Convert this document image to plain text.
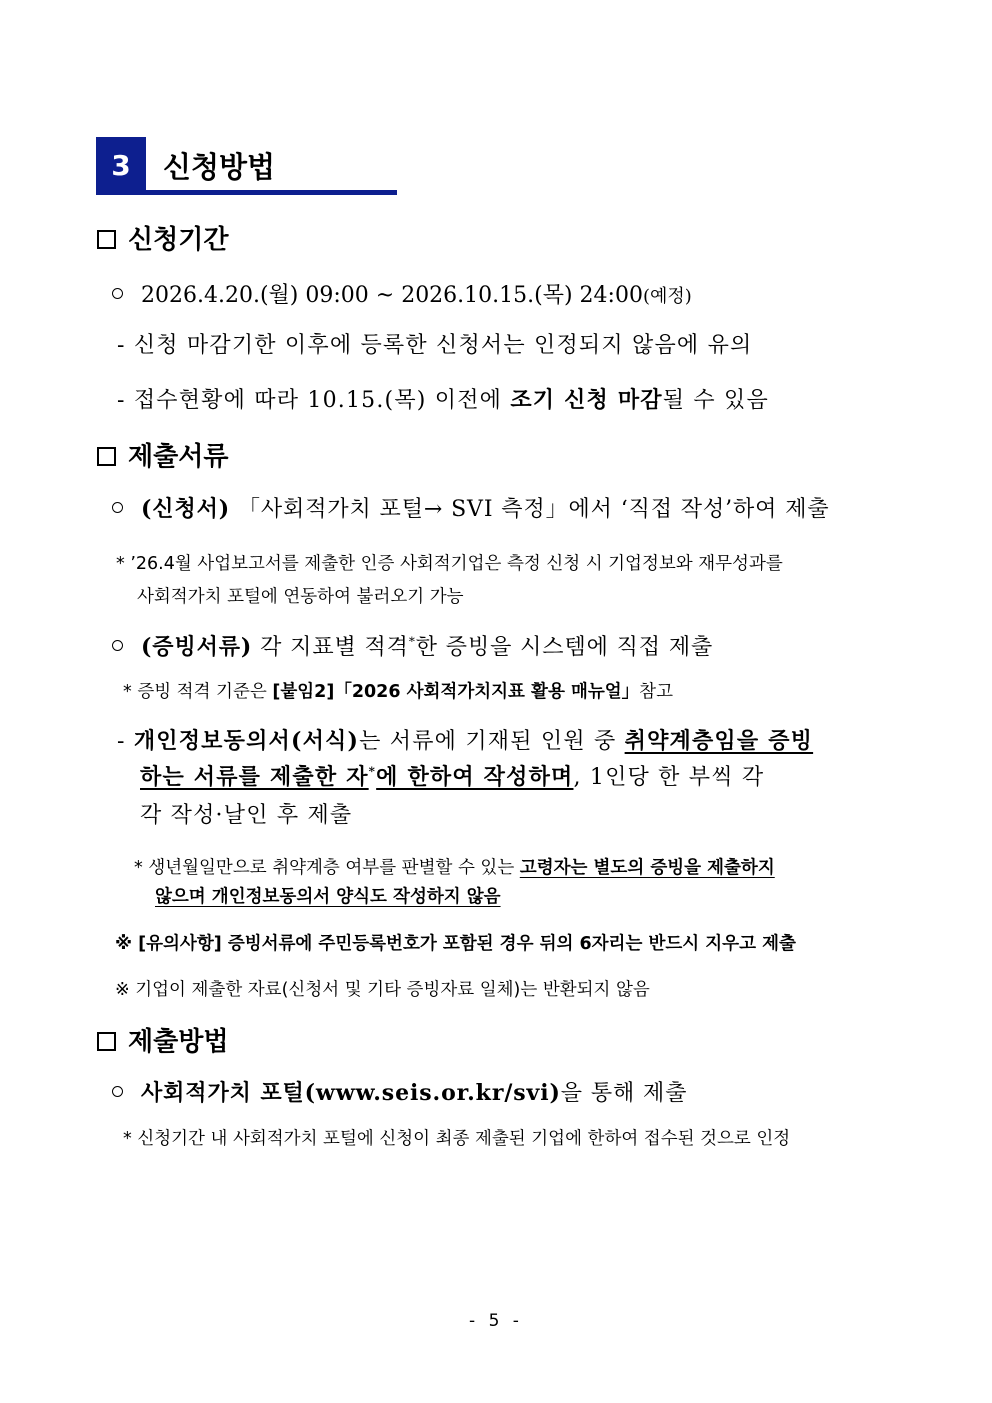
3	신청방법
신청기간
2026.4.20.(월) 09:00 ~ 2026.10.15.(목) 24:00(예정)
- 신청 마감기한 이후에 등록한 신청서는 인정되지 않음에 유의
- 접수현황에 따라 10.15.(목) 이전에 조기 신청 마감될 수 있음
제출서류
(신청서) 「사회적가치 포털→ SVI 측정」에서 ‘직접 작성’하여 제출
* ’26.4월 사업보고서를 제출한 인증 사회적기업은 측정 신청 시 기업정보와 재무성과를
사회적가치 포털에 연동하여 불러오기 가능
(증빙서류) 각 지표별 적격*한 증빙을 시스템에 직접 제출
* 증빙 적격 기준은 [붙임2]「2026 사회적가치지표 활용 매뉴얼」참고
- 개인정보동의서(서식)는 서류에 기재된 인원 중 취약계층임을 증빙
하는 서류를 제출한 자*에 한하여 작성하며, 1인당 한 부씩 각
각 작성·날인 후 제출
* 생년월일만으로 취약계층 여부를 판별할 수 있는 고령자는 별도의 증빙을 제출하지
않으며 개인정보동의서 양식도 작성하지 않음
※ [유의사항] 증빙서류에 주민등록번호가 포함된 경우 뒤의 6자리는 반드시 지우고 제출
※ 기업이 제출한 자료(신청서 및 기타 증빙자료 일체)는 반환되지 않음
제출방법
사회적가치 포털(www.seis.or.kr/svi)을 통해 제출
* 신청기간 내 사회적가치 포털에 신청이 최종 제출된 기업에 한하여 접수된 것으로 인정
- 5 -
